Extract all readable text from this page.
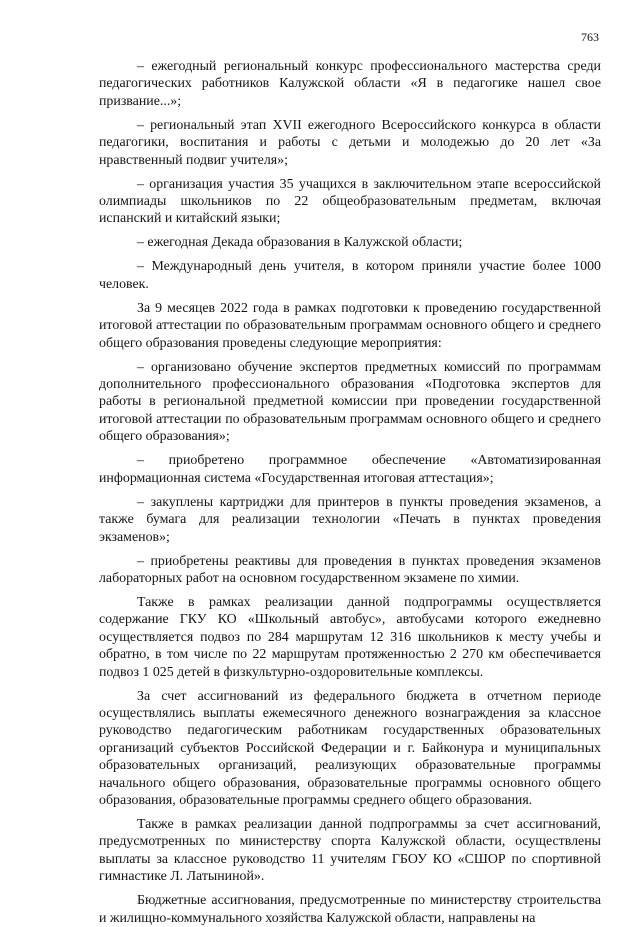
763

– ежегодный региональный конкурс профессионального мастерства среди педагогических работников Калужской области «Я в педагогике нашел свое призвание...»;

– региональный этап XVII ежегодного Всероссийского конкурса в области педагогики, воспитания и работы с детьми и молодежью до 20 лет «За нравственный подвиг учителя»;

– организация участия 35 учащихся в заключительном этапе всероссийской олимпиады школьников по 22 общеобразовательным предметам, включая испанский и китайский языки;

– ежегодная Декада образования в Калужской области;

– Международный день учителя, в котором приняли участие более 1000 человек.

За 9 месяцев 2022 года в рамках подготовки к проведению государственной итоговой аттестации по образовательным программам основного общего и среднего общего образования проведены следующие мероприятия:

– организовано обучение экспертов предметных комиссий по программам дополнительного профессионального образования «Подготовка экспертов для работы в региональной предметной комиссии при проведении государственной итоговой аттестации по образовательным программам основного общего и среднего общего образования»;

– приобретено программное обеспечение «Автоматизированная информационная система «Государственная итоговая аттестация»;

– закуплены картриджи для принтеров в пункты проведения экзаменов, а также бумага для реализации технологии «Печать в пунктах проведения экзаменов»;

– приобретены реактивы для проведения в пунктах проведения экзаменов лабораторных работ на основном государственном экзамене по химии.

Также в рамках реализации данной подпрограммы осуществляется содержание ГКУ КО «Школьный автобус», автобусами которого ежедневно осуществляется подвоз по 284 маршрутам 12 316 школьников к месту учебы и обратно, в том числе по 22 маршрутам протяженностью 2 270 км обеспечивается подвоз 1 025 детей в физкультурно-оздоровительные комплексы.

За счет ассигнований из федерального бюджета в отчетном периоде осуществлялись выплаты ежемесячного денежного вознаграждения за классное руководство педагогическим работникам государственных образовательных организаций субъектов Российской Федерации и г. Байконура и муниципальных образовательных организаций, реализующих образовательные программы начального общего образования, образовательные программы основного общего образования, образовательные программы среднего общего образования.

Также в рамках реализации данной подпрограммы за счет ассигнований, предусмотренных по министерству спорта Калужской области, осуществлены выплаты за классное руководство 11 учителям ГБОУ КО «СШОР по спортивной гимнастике Л. Латыниной».

Бюджетные ассигнования, предусмотренные по министерству строительства и жилищно-коммунального хозяйства Калужской области, направлены на
